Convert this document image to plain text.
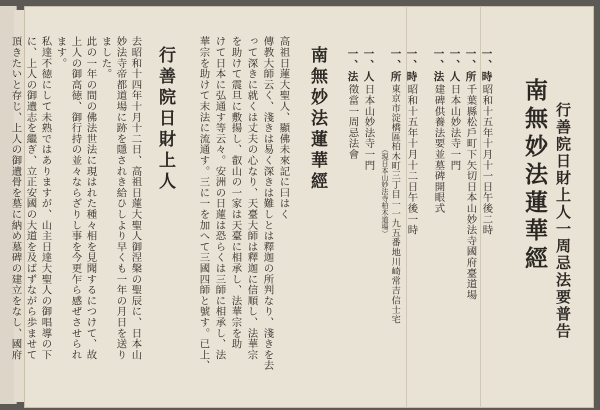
行善院日財上人一周忌法要普告
南無妙法蓮華經
一、時
昭和十五年十月十一日午後二時
一、所
千葉縣松戶町下矢切日本山妙法寺國府臺道場
一、人
日本山妙法寺一門
一、法
建碑供養法要並墓碑開眼式
一、時
昭和十五年十月十二日午後一時
一、所
東京市淀橋區柏木町三丁目一一九五番地川崎常吉信士宅
（現日本山妙法寺柏木道場）
一、人
日本山妙法寺一門
一、法
徵當一周忌法會
南無妙法蓮華經
高祖日蓮大聖人、顯佛未來記に曰はく
傳教大師云く、淺きは易く深きは難しとは釋迦の所判なり、淺きを去
って深きに就くは丈夫の心なり、天臺大師は釋迦に信順し、法華宗
を助けて震旦に敷揚し、叡山の一家は天臺に相承し、法華宗を助
けて日本に弘通す等云々。安洲の日蓮は恐らくは三師に相承し、法
華宗を助けて末法に流通す。三に一を加へて三國四師と號す。已上、
行善院日財上人
去昭和十四年十月十二日、高祖日蓮大聖人御涅槃の聖辰に、日本山
妙法寺帝都道場に跡を隱されき給ひしより早くも一年の月日を送り
ました。
此の一年の間の佛法世法に現はれた種々相を見聞するにつけて、故
上人の御高徳、御行持の並々ならざりし事を今更乍ら感ぜさせられ
ます。
私達不徳にして未熟ではありますが、山主日達大聖人の御唱導の下
に、上人の御遺志を繼ぎ、立正安國の大道を及ばずながら歩ませて
頂きたいと存じ、上人の御遺骨を墓に納め墓碑の建立をなし、國府
